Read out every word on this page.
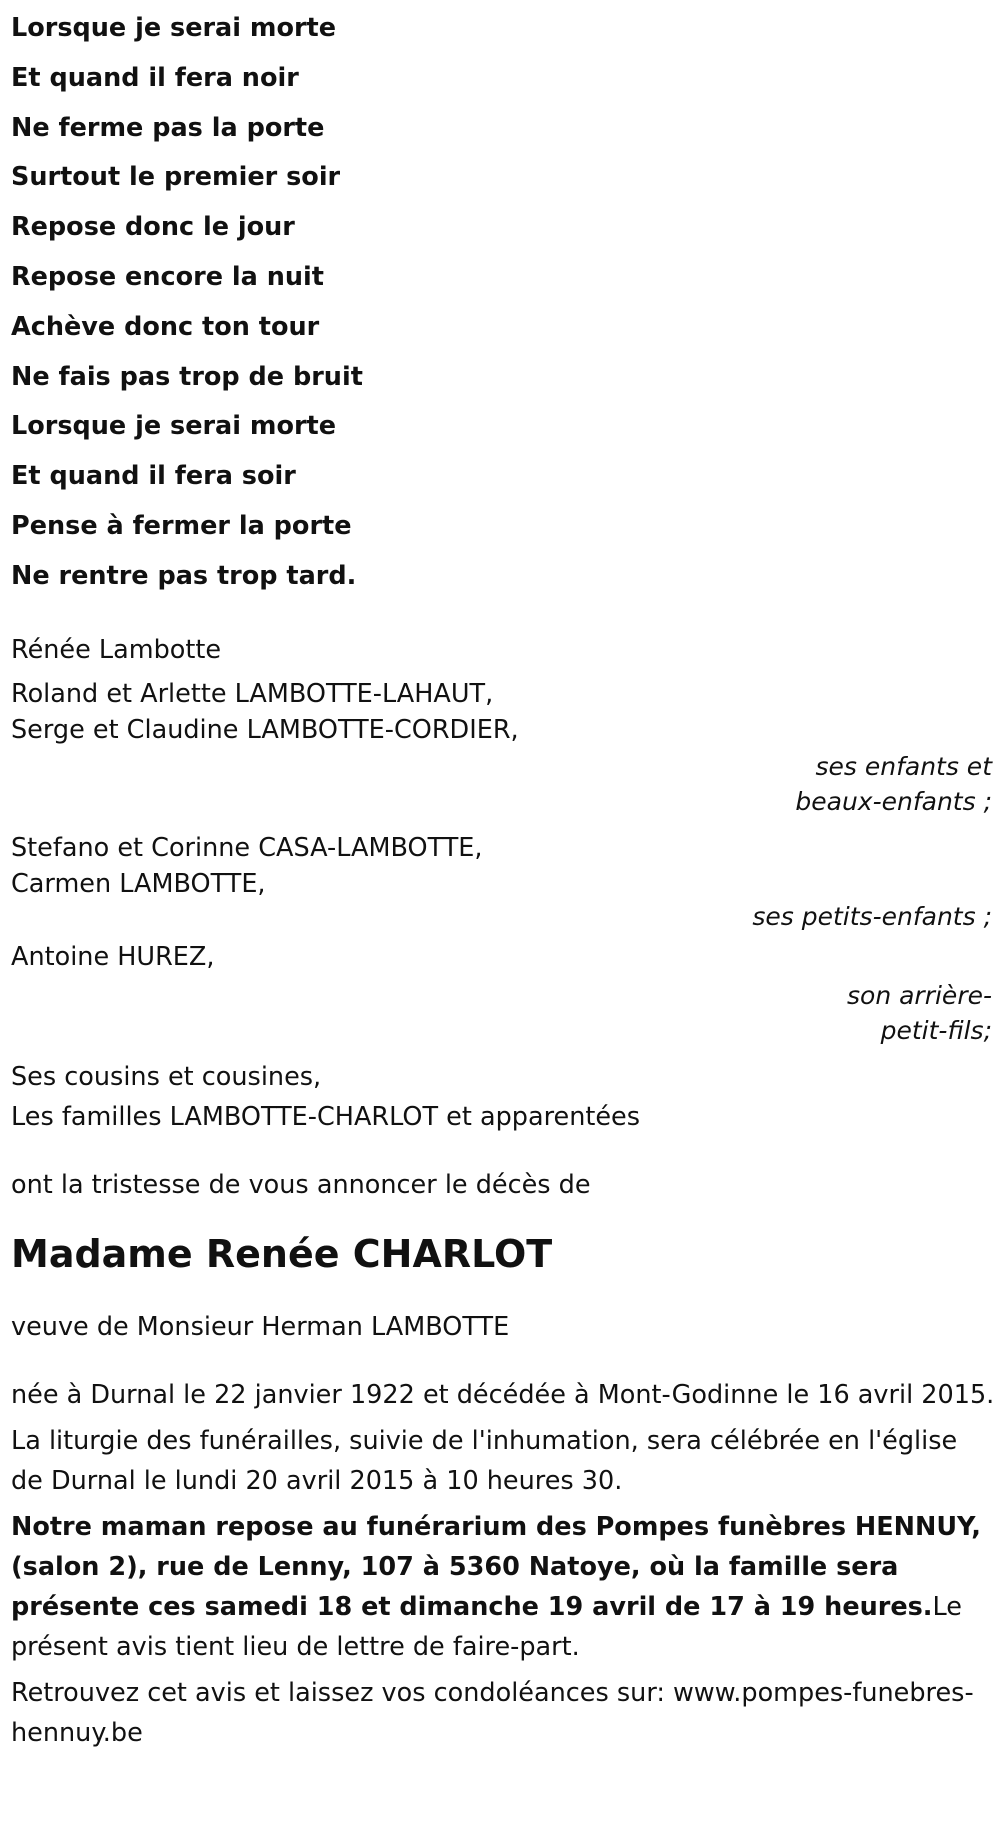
Lorsque je serai morte

Et quand il fera noir

Ne ferme pas la porte

Surtout le premier soir

Repose donc le jour

Repose encore la nuit

Achève donc ton tour

Ne fais pas trop de bruit

Lorsque je serai morte

Et quand il fera soir

Pense à fermer la porte

Ne rentre pas trop tard.

Rénée Lambotte
Roland et Arlette LAMBOTTE-LAHAUT,
Serge et Claudine LAMBOTTE-CORDIER,
ses enfants et
beaux-enfants ;
Stefano et Corinne CASA-LAMBOTTE,
Carmen LAMBOTTE,
ses petits-enfants ;
Antoine HUREZ,
son arrière-
petit-fils;
Ses cousins et cousines,
Les familles LAMBOTTE-CHARLOT et apparentées
ont la tristesse de vous annoncer le décès de
Madame Renée CHARLOT

veuve de Monsieur Herman LAMBOTTE

née à Durnal le 22 janvier 1922 et décédée à Mont-Godinne le 16 avril 2015.

La liturgie des funérailles, suivie de l'inhumation, sera célébrée en l'église de Durnal le lundi 20 avril 2015 à 10 heures 30.

Notre maman repose au funérarium des Pompes funèbres HENNUY, (salon 2), rue de Lenny, 107 à 5360 Natoye, où la famille sera présente ces samedi 18 et dimanche 19 avril de 17 à 19 heures.Le présent avis tient lieu de lettre de faire-part.

Retrouvez cet avis et laissez vos condoléances sur: www.pompes-funebres-hennuy.be
